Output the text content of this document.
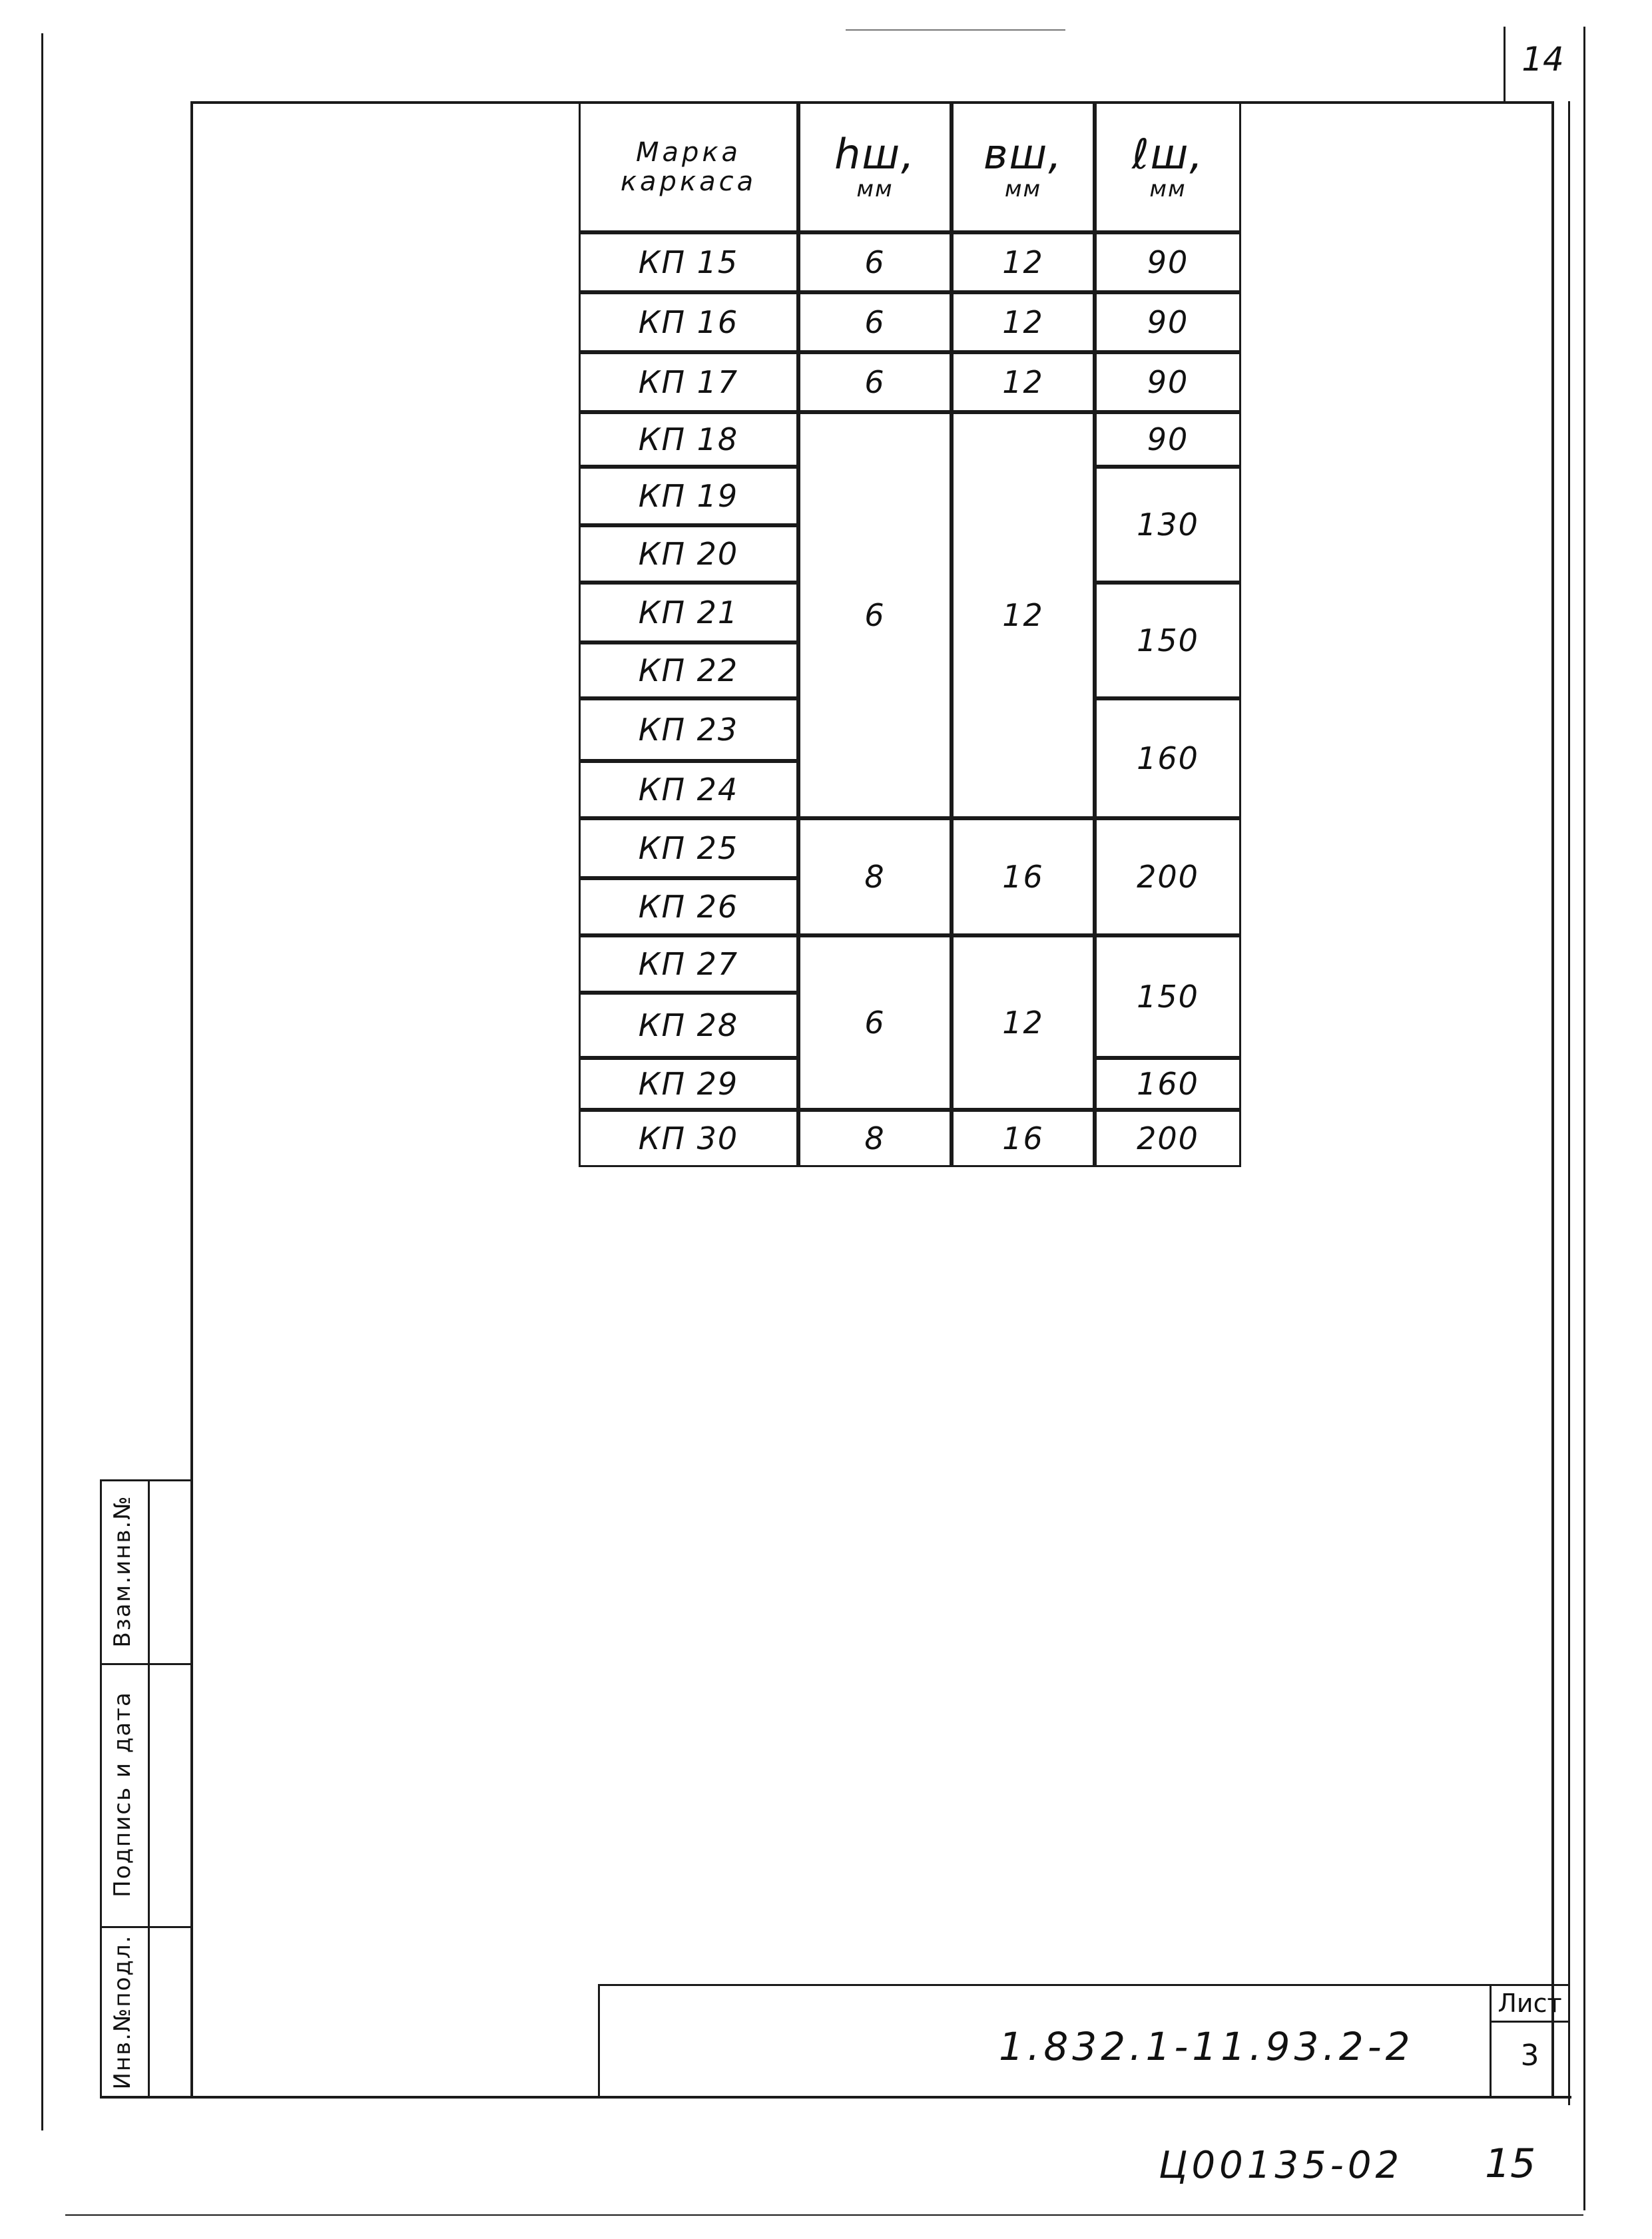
14
Марка
каркаса
hш,
мм
вш,
мм
ℓш,
мм
КП 15
КП 16
КП 17
КП 18
КП 19
КП 20
КП 21
КП 22
КП 23
КП 24
КП 25
КП 26
КП 27
КП 28
КП 29
КП 30
6
6
6
6
8
6
8
12
12
12
12
16
12
16
90
90
90
90
130
150
160
200
150
160
200
Взам.инв.№
Подпись и дата
Инв.№подл.	1.832.1-11.93.2-2
Лист
3
Ц00135-02 15
